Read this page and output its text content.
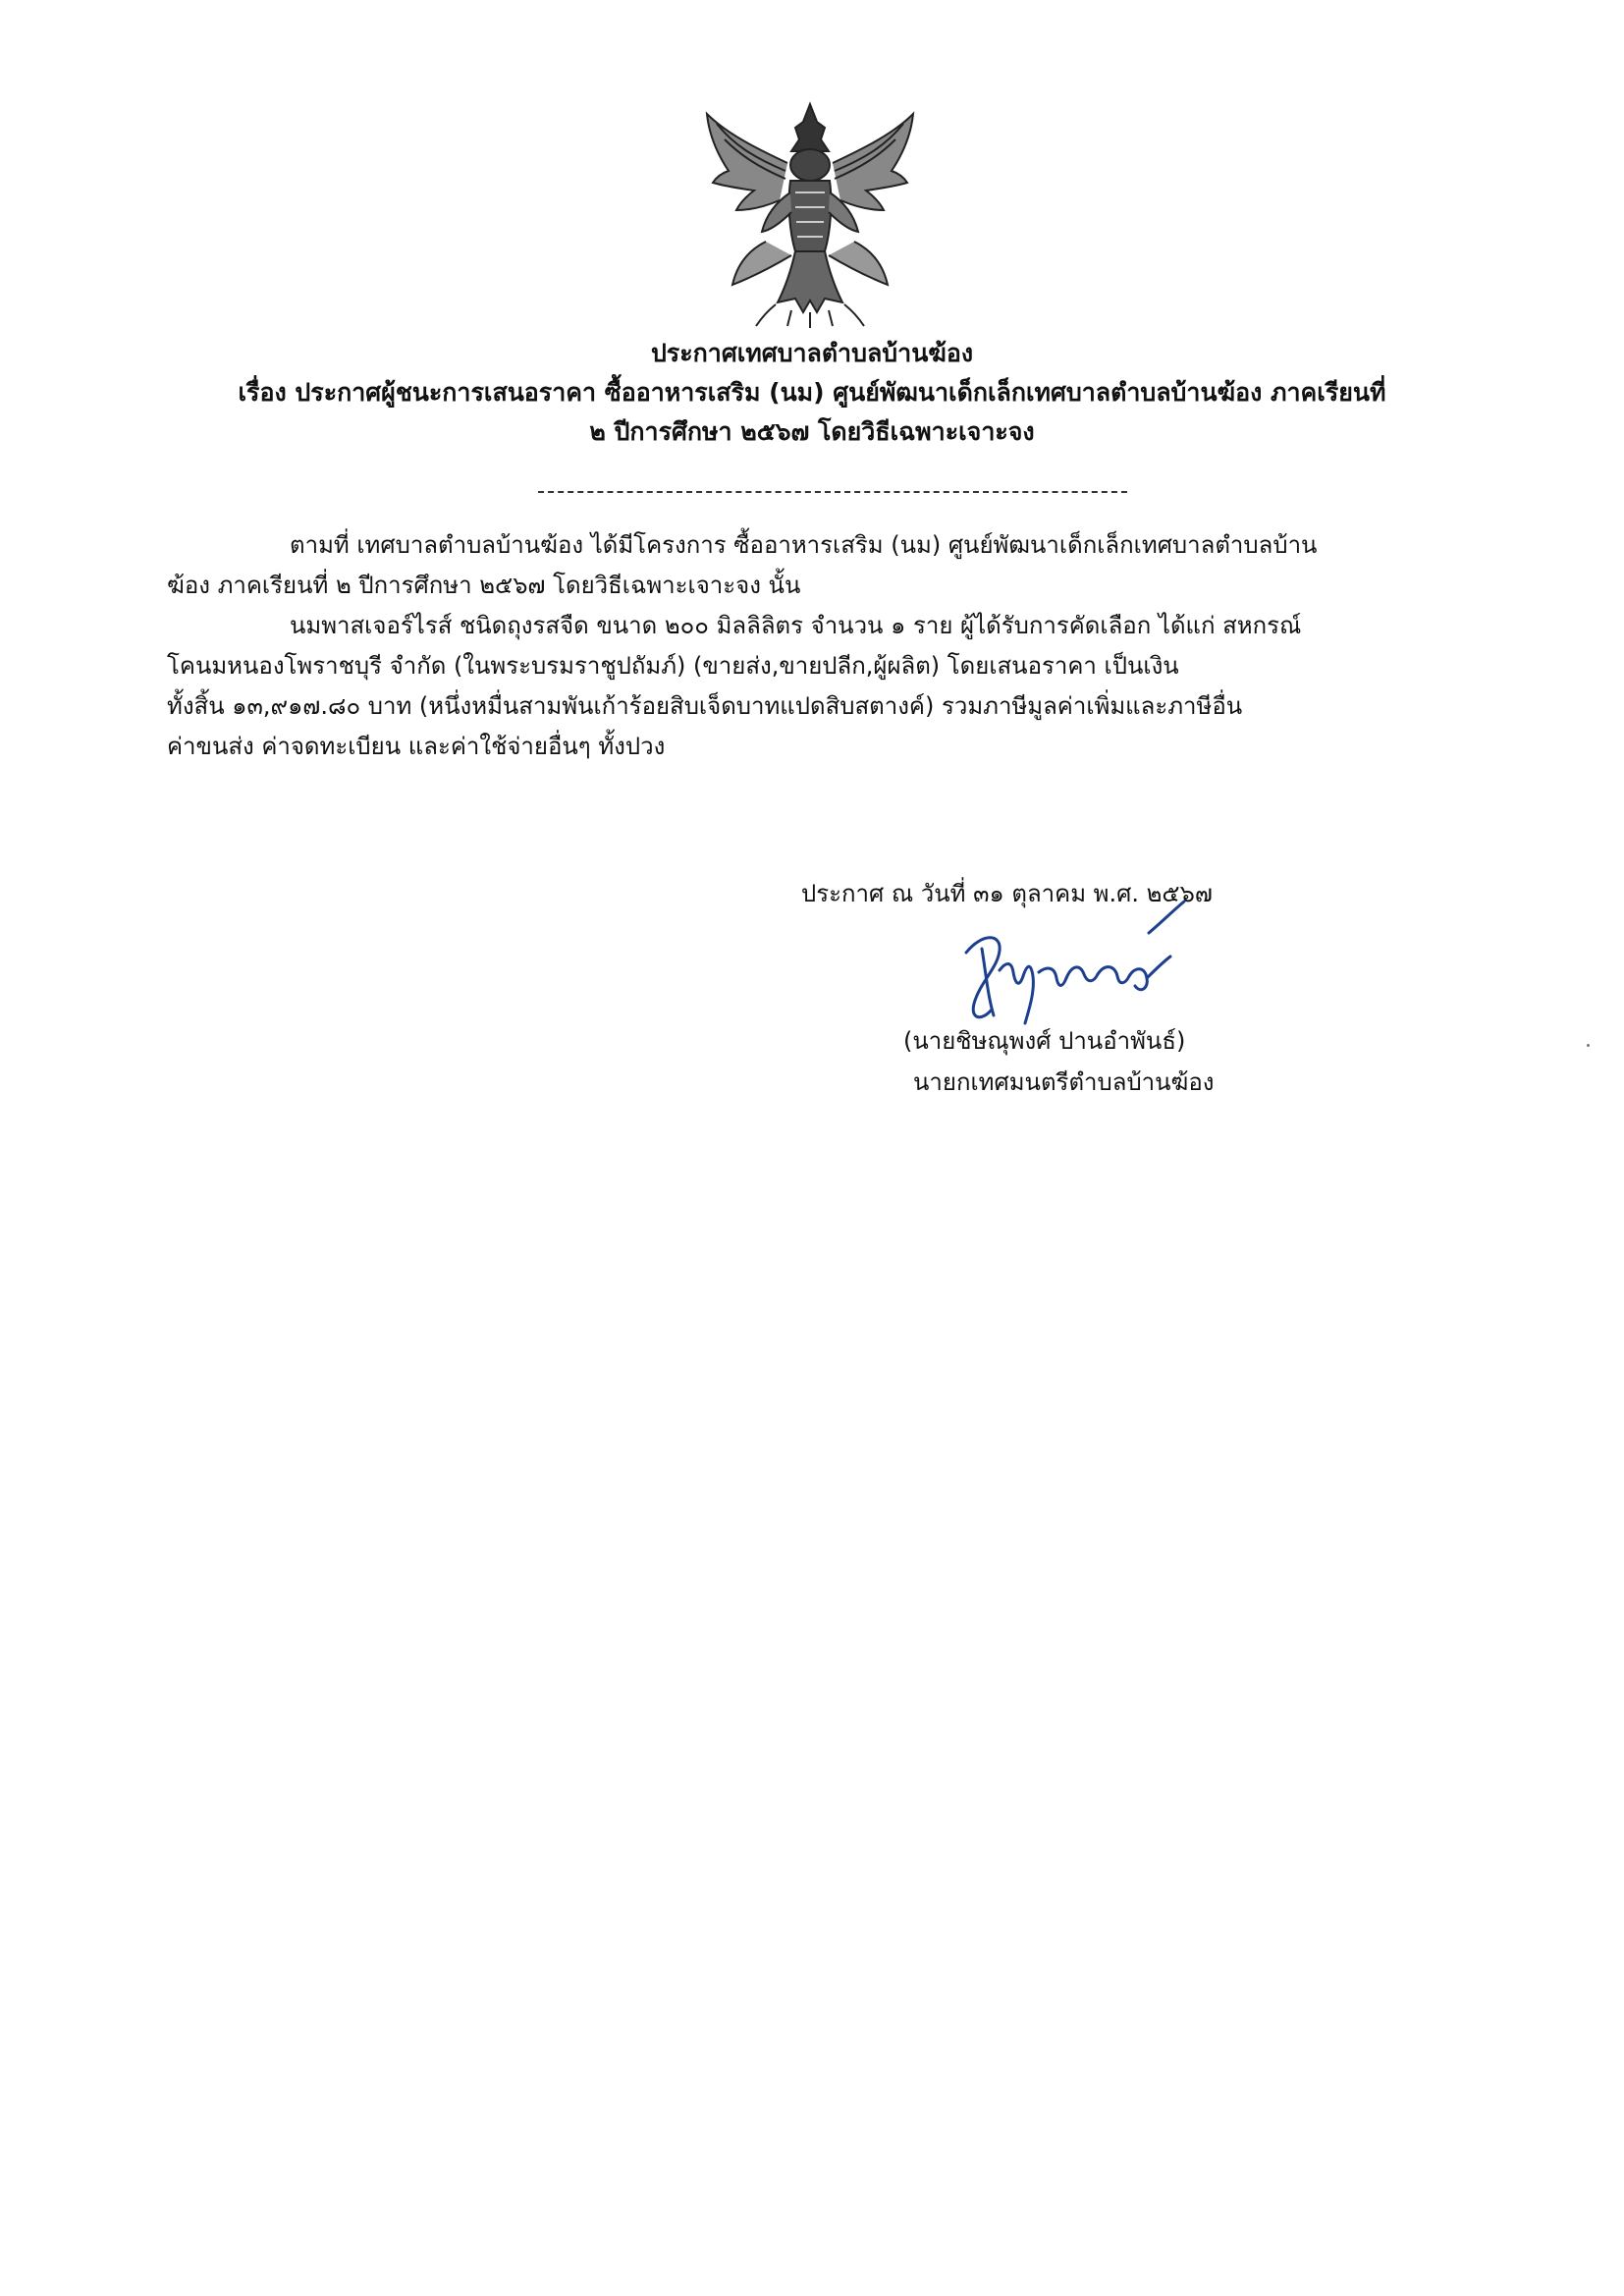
ประกาศเทศบาลตำบลบ้านฆ้อง
เรื่อง ประกาศผู้ชนะการเสนอราคา ซื้ออาหารเสริม (นม) ศูนย์พัฒนาเด็กเล็กเทศบาลตำบลบ้านฆ้อง ภาคเรียนที่
๒ ปีการศึกษา ๒๕๖๗ โดยวิธีเฉพาะเจาะจง
ตามที่ เทศบาลตำบลบ้านฆ้อง ได้มีโครงการ ซื้ออาหารเสริม (นม) ศูนย์พัฒนาเด็กเล็กเทศบาลตำบลบ้าน
ฆ้อง ภาคเรียนที่ ๒ ปีการศึกษา ๒๕๖๗ โดยวิธีเฉพาะเจาะจง นั้น
นมพาสเจอร์ไรส์ ชนิดถุงรสจืด ขนาด ๒๐๐ มิลลิลิตร จำนวน ๑ ราย ผู้ได้รับการคัดเลือก ได้แก่ สหกรณ์
โคนมหนองโพราชบุรี จำกัด (ในพระบรมราชูปถัมภ์) (ขายส่ง,ขายปลีก,ผู้ผลิต) โดยเสนอราคา เป็นเงิน
ทั้งสิ้น ๑๓,๙๑๗.๘๐ บาท (หนึ่งหมื่นสามพันเก้าร้อยสิบเจ็ดบาทแปดสิบสตางค์) รวมภาษีมูลค่าเพิ่มและภาษีอื่น
ค่าขนส่ง ค่าจดทะเบียน และค่าใช้จ่ายอื่นๆ ทั้งปวง
ประกาศ ณ วันที่ ๓๑ ตุลาคม พ.ศ. ๒๕๖๗
(นายชิษณุพงศ์ ปานอำพันธ์)
นายกเทศมนตรีตำบลบ้านฆ้อง
